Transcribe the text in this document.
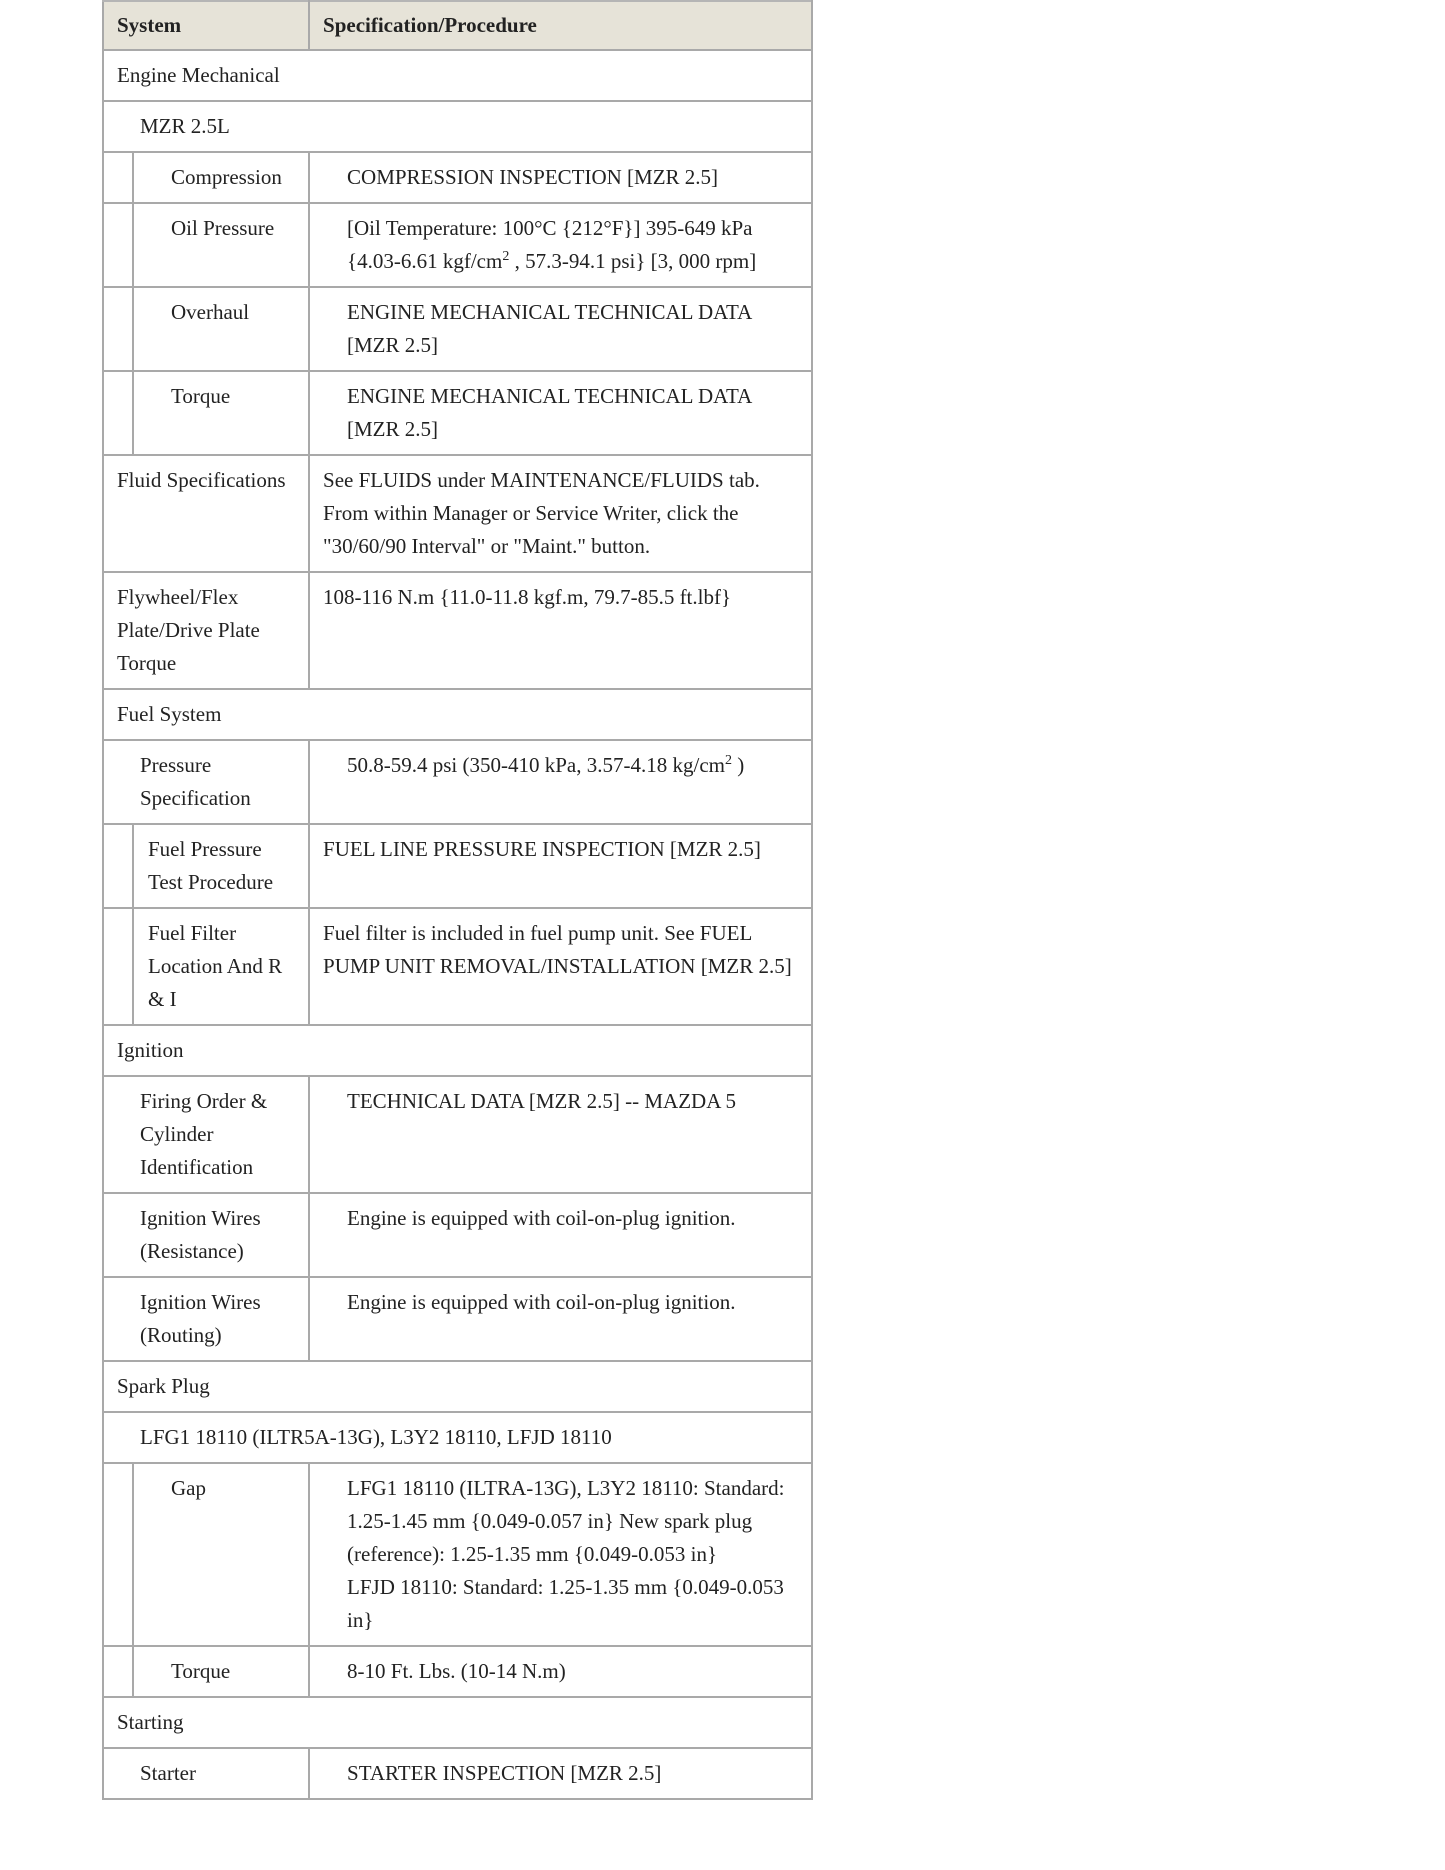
System		Specification/Procedure
Engine Mechanical		
MZR 2.5L		
	Compression	COMPRESSION INSPECTION [MZR 2.5]
	Oil Pressure	[Oil Temperature: 100°C {212°F}] 395-649 kPa
{4.03-6.61 kgf/$cm^2$ , 57.3-94.1 psi} [3, 000 rpm]
	Overhaul	ENGINE MECHANICAL TECHNICAL DATA [MZR 2.5]
	Torque	ENGINE MECHANICAL TECHNICAL DATA [MZR 2.5]
Fluid Specifications		See FLUIDS under MAINTENANCE/FLUIDS tab. From within Manager or Service Writer, click the "30/60/90 Interval" or "Maint." button.
Flywheel/Flex Plate/Drive Plate Torque		108-116 N.m {11.0-11.8 kgf.m, 79.7-85.5 ft.lbf}
Fuel System		
Pressure Specification		50.8-59.4 psi (350-410 kPa, 3.57-4.18 $kg/cm^2$ )
	Fuel Pressure Test Procedure	FUEL LINE PRESSURE INSPECTION [MZR 2.5]
	Fuel Filter Location And R & I	Fuel filter is included in fuel pump unit. See FUEL PUMP UNIT REMOVAL/INSTALLATION [MZR 2.5]
Ignition		
Firing Order & Cylinder Identification		TECHNICAL DATA [MZR 2.5] -- MAZDA 5
Ignition Wires (Resistance)		Engine is equipped with coil-on-plug ignition.
Ignition Wires (Routing)		Engine is equipped with coil-on-plug ignition.
Spark Plug		
LFG1 18110 (ILTR5A-13G), L3Y2 18110, LFJD 18110		
	Gap	LFG1 18110 (ILTRA-13G), L3Y2 18110: Standard: 1.25-1.45 mm {0.049-0.057 in} New spark plug (reference): 1.25-1.35 mm {0.049-0.053 in}
LFJD 18110: Standard: 1.25-1.35 mm {0.049-0.053 in}

	Torque	8-10 Ft. Lbs. (10-14 N.m)
Starting		
Starter		STARTER INSPECTION [MZR 2.5]
